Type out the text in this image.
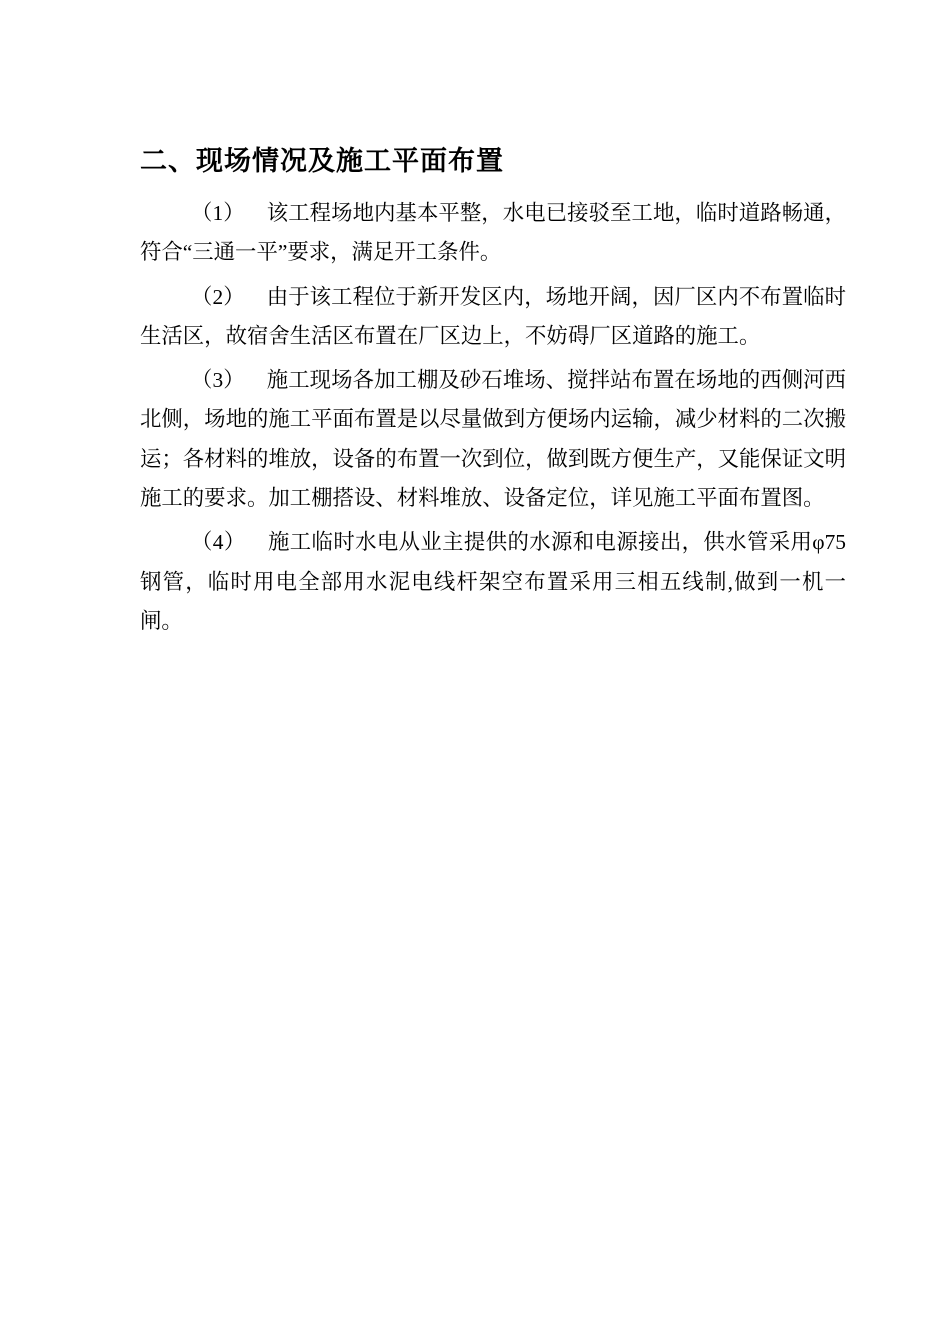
二、现场情况及施工平面布置

（1） 该工程场地内基本平整，水电已接驳至工地，临时道路畅通，符合“三通一平”要求，满足开工条件。

（2） 由于该工程位于新开发区内，场地开阔，因厂区内不布置临时生活区，故宿舍生活区布置在厂区边上，不妨碍厂区道路的施工。

（3） 施工现场各加工棚及砂石堆场、搅拌站布置在场地的西侧河西北侧，场地的施工平面布置是以尽量做到方便场内运输，减少材料的二次搬运；各材料的堆放，设备的布置一次到位，做到既方便生产，又能保证文明施工的要求。加工棚搭设、材料堆放、设备定位，详见施工平面布置图。

（4） 施工临时水电从业主提供的水源和电源接出，供水管采用φ75 钢管，临时用电全部用水泥电线杆架空布置采用三相五线制,做到一机一闸。
